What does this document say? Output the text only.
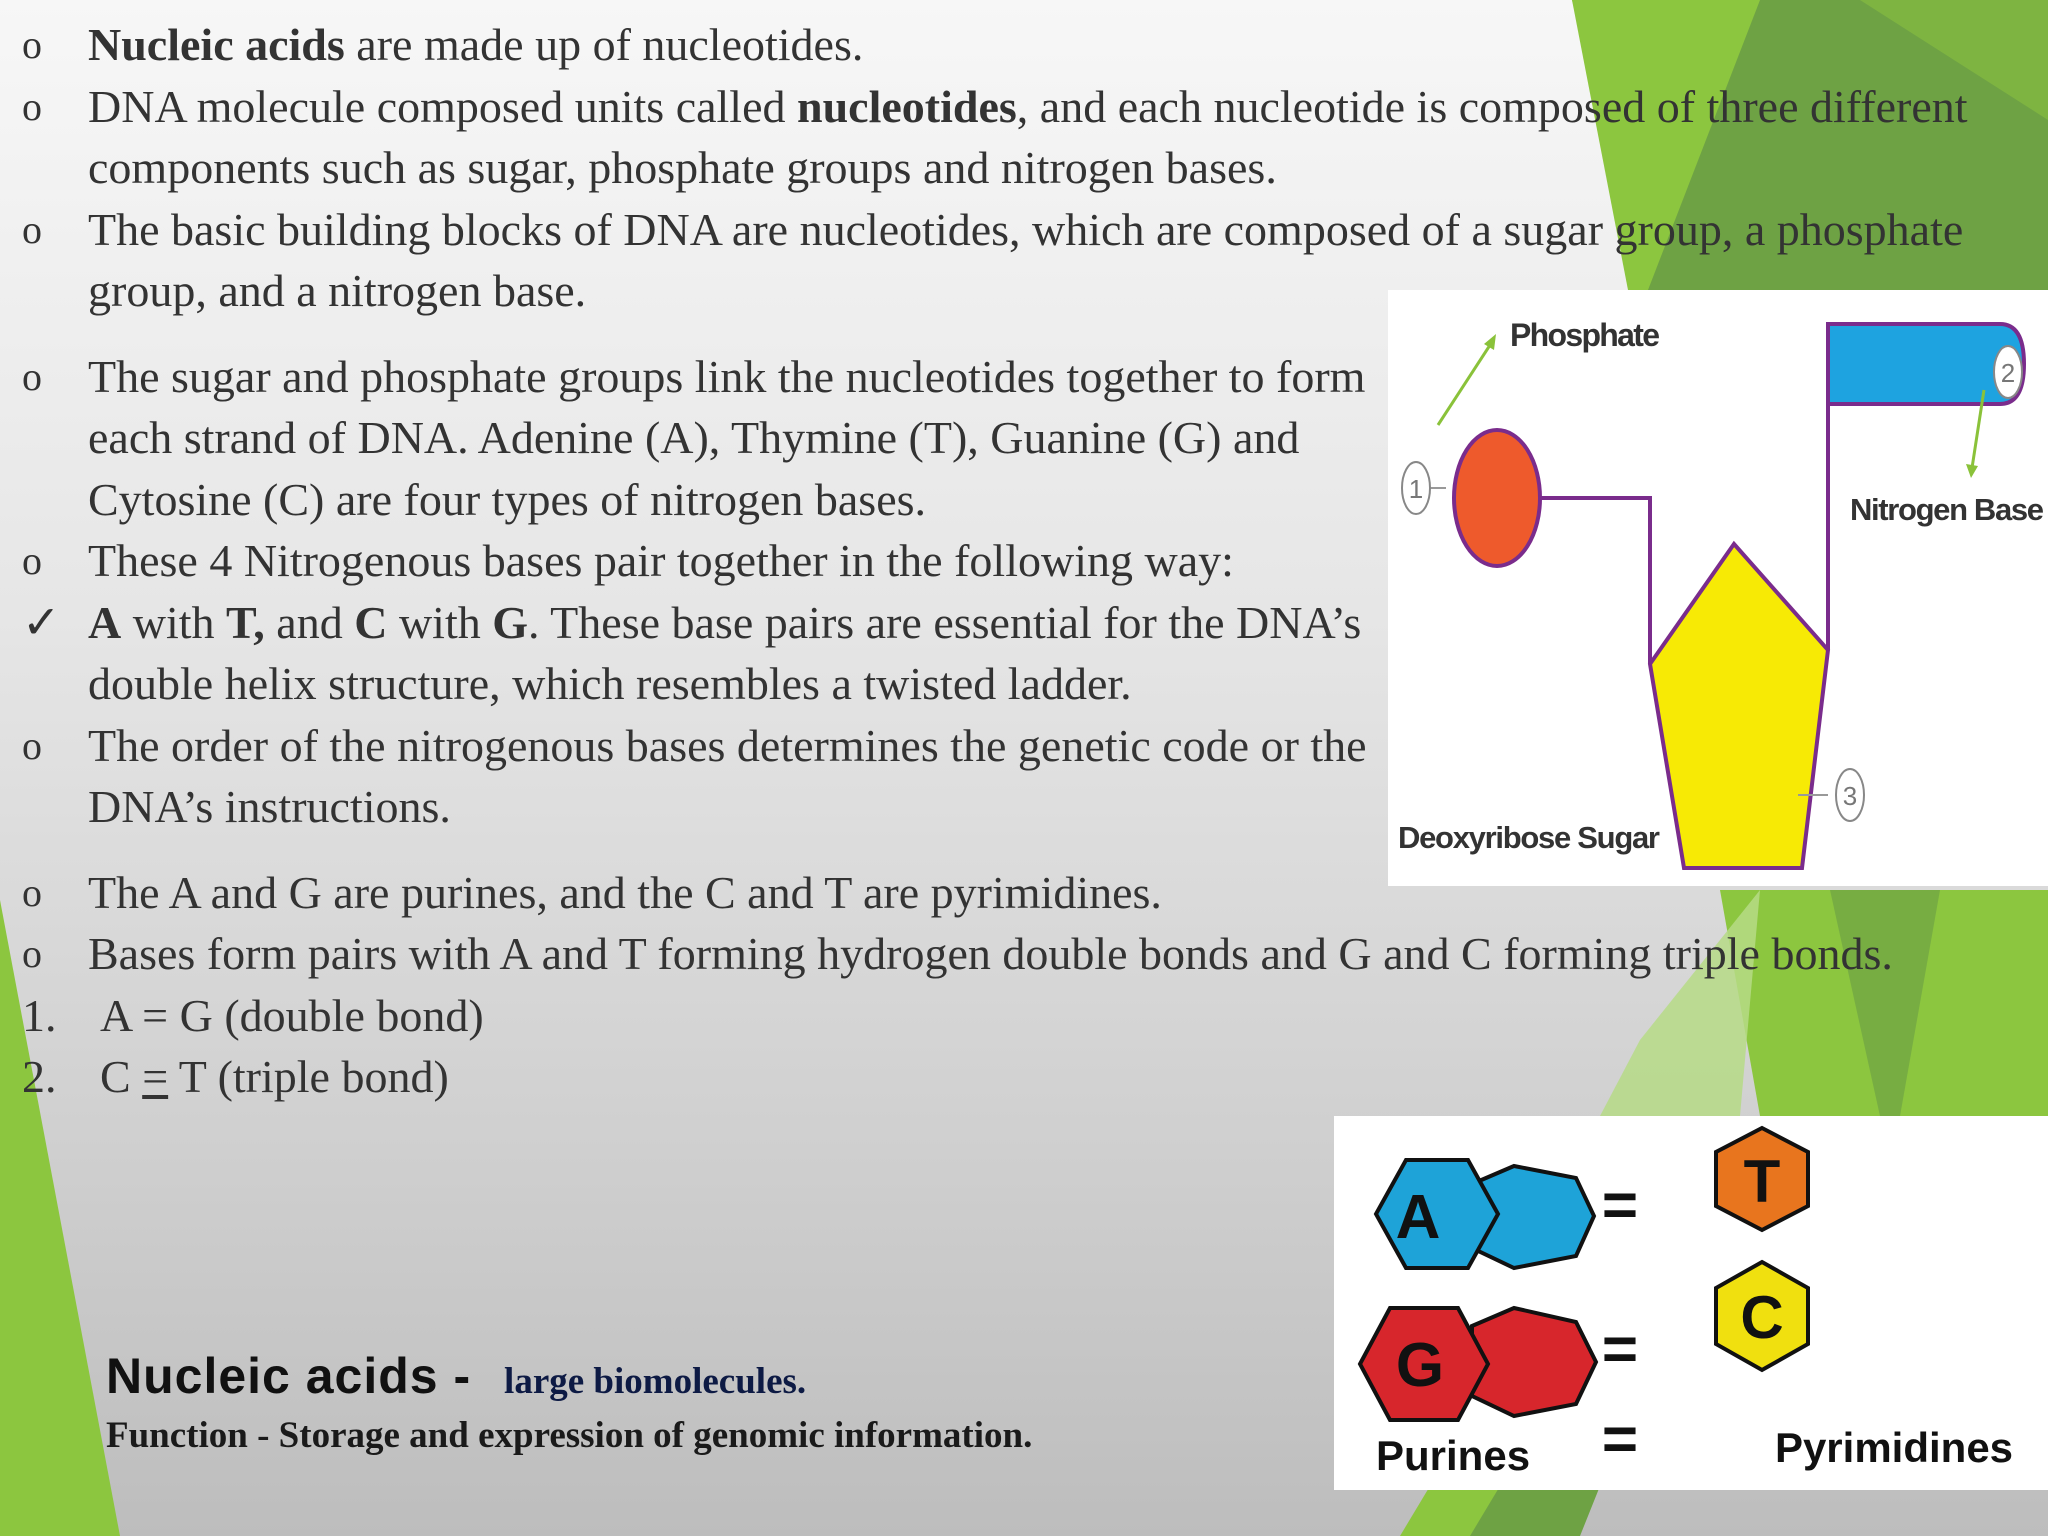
o	Nucleic acids are made up of nucleotides.
o	DNA molecule composed units called nucleotides, and each nucleotide is composed of three different components such as sugar, phosphate groups and nitrogen bases.
o	The basic building blocks of DNA are nucleotides, which are composed of a sugar group, a phosphate group, and a nitrogen base.
o	The sugar and phosphate groups link the nucleotides together to form each strand of DNA. Adenine (A), Thymine (T), Guanine (G) and Cytosine (C) are four types of nitrogen bases.
o	These 4 Nitrogenous bases pair together in the following way:
✓ A with T, and C with G. These base pairs are essential for the DNA’s double helix structure, which resembles a twisted ladder.
o	The order of the nitrogenous bases determines the genetic code or the DNA’s instructions.
o	The A and G are purines, and the C and T are pyrimidines.
o	Bases form pairs with A and T forming hydrogen double bonds and G and C forming triple bonds.
1. A = G (double bond)
2. C = T (triple bond)
Nucleic acids - large biomolecules.
Function - Storage and expression of genomic information.
1
2
3
Phosphate
Nitrogen Base
Deoxyribose Sugar
A
G
T
C
=
=
=
Purines	Pyrimidines
